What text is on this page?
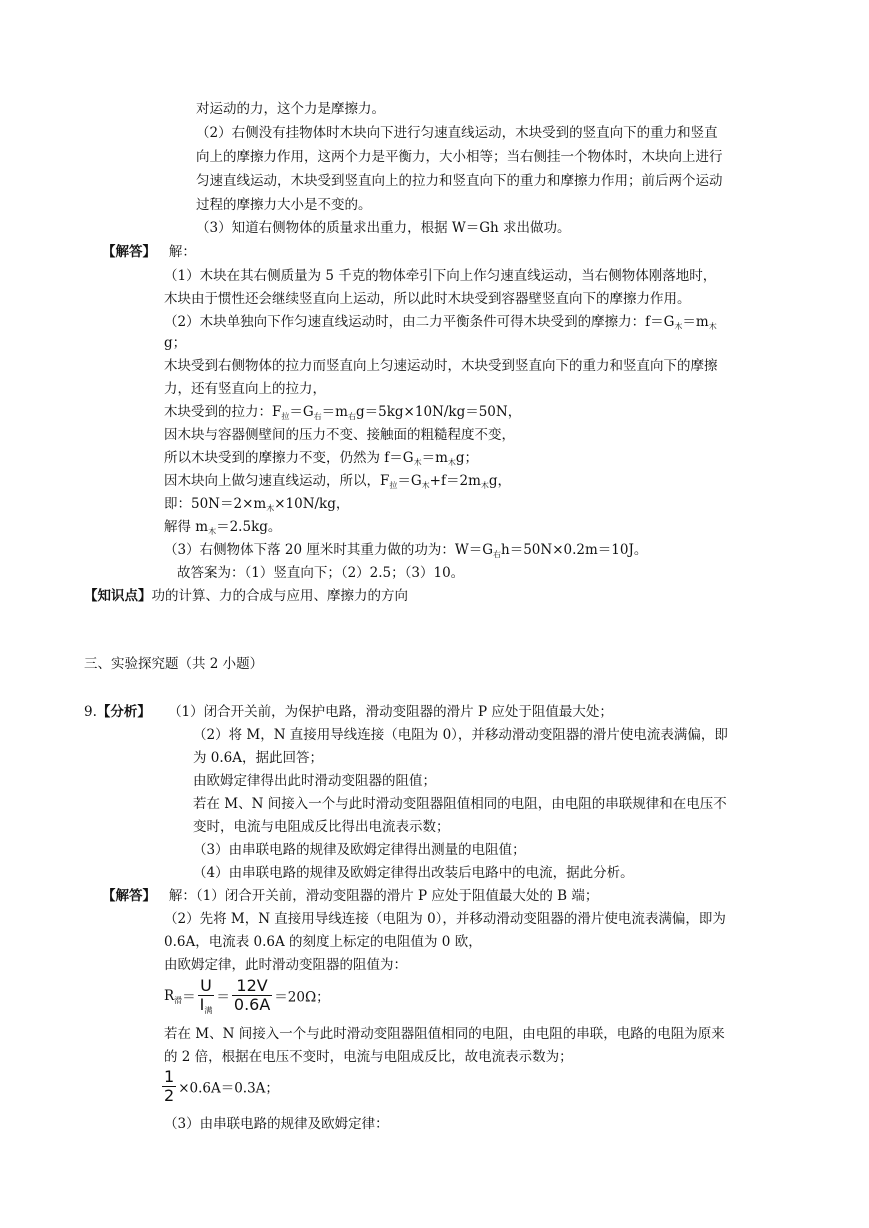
对运动的力，这个力是摩擦力。
（2）右侧没有挂物体时木块向下进行匀速直线运动，木块受到的竖直向下的重力和竖直
向上的摩擦力作用，这两个力是平衡力，大小相等；当右侧挂一个物体时，木块向上进行
匀速直线运动，木块受到竖直向上的拉力和竖直向下的重力和摩擦力作用；前后两个运动
过程的摩擦力大小是不变的。
（3）知道右侧物体的质量求出重力，根据 W＝Gh 求出做功。
【解答】 解：
（1）木块在其右侧质量为 5 千克的物体牵引下向上作匀速直线运动，当右侧物体刚落地时，
木块由于惯性还会继续竖直向上运动，所以此时木块受到容器壁竖直向下的摩擦力作用。
（2）木块单独向下作匀速直线运动时，由二力平衡条件可得木块受到的摩擦力：$f=G_木=m_木$
g；
木块受到右侧物体的拉力而竖直向上匀速运动时，木块受到竖直向下的重力和竖直向下的摩擦
力，还有竖直向上的拉力，
木块受到的拉力：$F_拉=G_右=m_右g=5kg\times 10N/kg=50N$，
因木块与容器侧壁间的压力不变、接触面的粗糙程度不变，
所以木块受到的摩擦力不变，仍然为 $f=G_木=m_木g$；
因木块向上做匀速直线运动，所以，$F_拉=G_木+f=2m_木g$，
即：$50N=2\times m_木\times 10N/kg$，
解得 $m_木=2.5kg$。
（3）右侧物体下落 20 厘米时其重力做的功为：$W=G_右h=50N\times 0.2m=10J$。
故答案为：（1）竖直向下；（2）2.5；（3）10。
【知识点】功的计算、力的合成与应用、摩擦力的方向
三、实验探究题（共 2 小题）
9.【分析】 （1）闭合开关前，为保护电路，滑动变阻器的滑片 P 应处于阻值最大处；
（2）将 M，N 直接用导线连接（电阻为 0），并移动滑动变阻器的滑片使电流表满偏，即
为 0.6A，据此回答；
由欧姆定律得出此时滑动变阻器的阻值；
若在 M、N 间接入一个与此时滑动变阻器阻值相同的电阻，由电阻的串联规律和在电压不
变时，电流与电阻成反比得出电流表示数；
（3）由串联电路的规律及欧姆定律得出测量的电阻值；
（4）由串联电路的规律及欧姆定律得出改装后电路中的电流，据此分析。
【解答】 解：（1）闭合开关前，滑动变阻器的滑片 P 应处于阻值最大处的 B 端；
（2）先将 M，N 直接用导线连接（电阻为 0），并移动滑动变阻器的滑片使电流表满偏，即为
0.6A，电流表 0.6A 的刻度上标定的电阻值为 0 欧，
由欧姆定律，此时滑动变阻器的阻值为：
$R_滑= \frac{U}{I_满} = \frac{12V}{0.6A} =20\Omega$；
若在 M、N 间接入一个与此时滑动变阻器阻值相同的电阻，由电阻的串联，电路的电阻为原来
的 2 倍，根据在电压不变时，电流与电阻成反比，故电流表示数为；
$\frac{1}{2} \times 0.6A=0.3A$；
（3）由串联电路的规律及欧姆定律：
